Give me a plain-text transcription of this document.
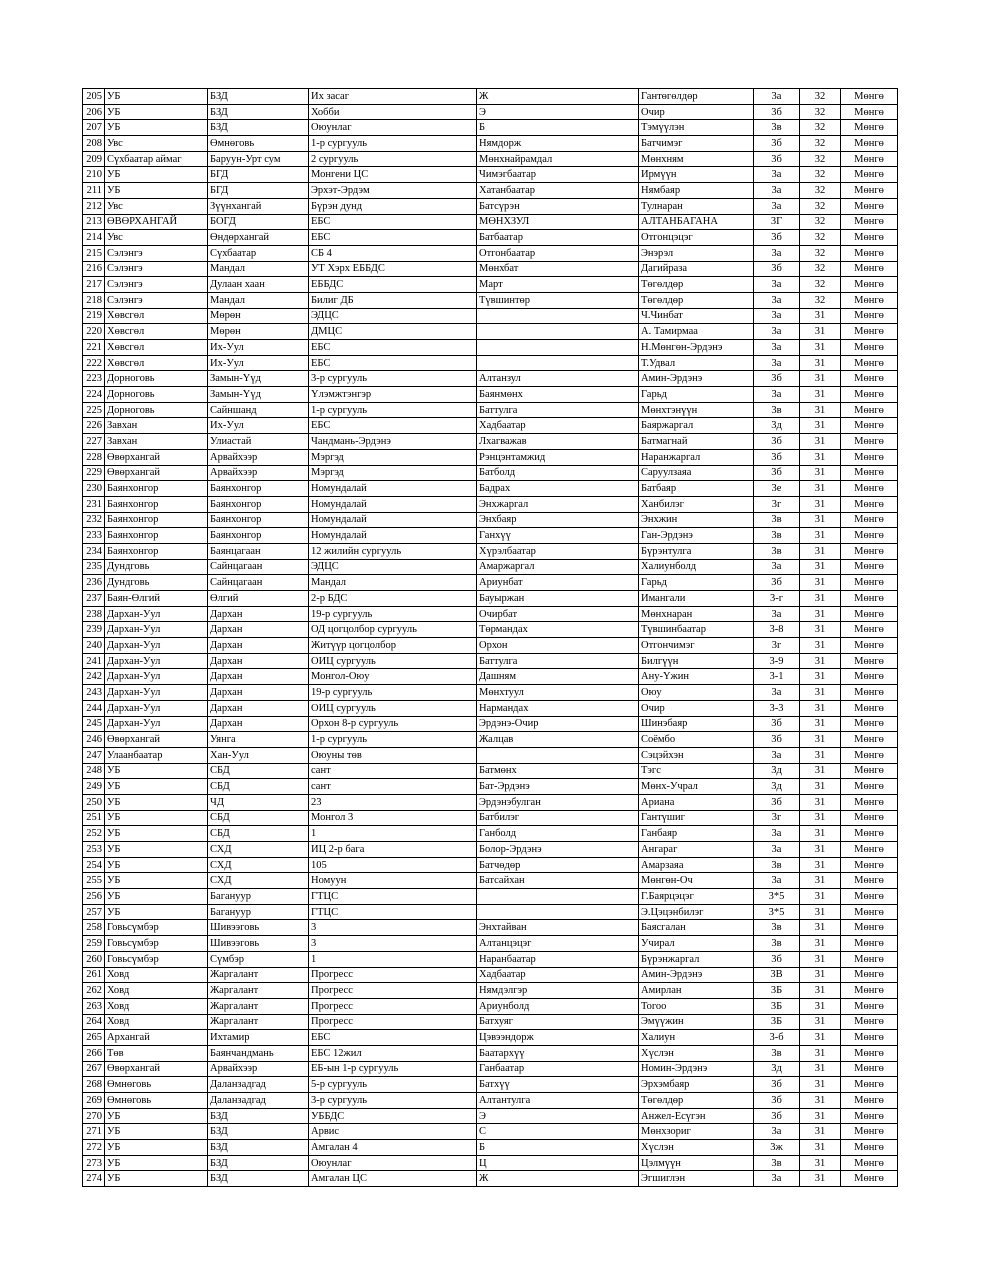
205	УБ	БЗД	Их засаг	Ж	Гантөгөлдөр	3а	32	Мөнгө
206	УБ	БЗД	Хобби	Э	Очир	3б	32	Мөнгө
207	УБ	БЗД	Оюунлаг	Б	Тэмүүлэн	3в	32	Мөнгө
208	Увс	Өмнөговь	1-р сургууль	Нямдорж	Батчимэг	3б	32	Мөнгө
209	Сүхбаатар аймаг	Баруун-Урт сум	2 сургууль	Мөнхнайрамдал	Мөнхням	3б	32	Мөнгө
210	УБ	БГД	Монгени ЦС	Чимэгбаатар	Ирмүүн	3а	32	Мөнгө
211	УБ	БГД	Эрхэт-Эрдэм	Хатанбаатар	Нямбаяр	3а	32	Мөнгө
212	Увс	Зүүнхангай	Бүрэн дунд	Батсүрэн	Тулнаран	3а	32	Мөнгө
213	ӨВӨРХАНГАЙ	БОГД	ЕБС	МӨНХЗУЛ	АЛТАНБАГАНА	3Г	32	Мөнгө
214	Увс	Өндөрхангай	ЕБС	Батбаатар	Отгонцэцэг	3б	32	Мөнгө
215	Сэлэнгэ	Сүхбаатар	СБ 4	Отгонбаатар	Энэрэл	3а	32	Мөнгө
216	Сэлэнгэ	Мандал	УТ Хэрх ЕББДС	Мөнхбат	Дагийраза	3б	32	Мөнгө
217	Сэлэнгэ	Дулаан хаан	ЕББДС	Март	Төгөлдөр	3а	32	Мөнгө
218	Сэлэнгэ	Мандал	Билиг ДБ	Түвшинтөр	Төгөлдөр	3а	32	Мөнгө
219	Хөвсгөл	Мөрөн	ЭДЦС		Ч.Чинбат	3а	31	Мөнгө
220	Хөвсгөл	Мөрөн	ДМЦС		А. Тамирмаа	3а	31	Мөнгө
221	Хөвсгөл	Их-Уул	ЕБС		Н.Мөнгөн-Эрдэнэ	3а	31	Мөнгө
222	Хөвсгөл	Их-Уул	ЕБС		Т.Удвал	3а	31	Мөнгө
223	Дорноговь	Замын-Үүд	3-р сургууль	Алтанзул	Амин-Эрдэнэ	3б	31	Мөнгө
224	Дорноговь	Замын-Үүд	Үлэмжтэнгэр	Баянмөнх	Гарьд	3а	31	Мөнгө
225	Дорноговь	Сайншанд	1-р сургууль	Баттулга	Мөнхтэнүүн	3в	31	Мөнгө
226	Завхан	Их-Уул	ЕБС	Хадбаатар	Баяржаргал	3д	31	Мөнгө
227	Завхан	Улиастай	Чандмань-Эрдэнэ	Лхагважав	Батмагнай	3б	31	Мөнгө
228	Өвөрхангай	Арвайхээр	Мэргэд	Рэнцэнтамжид	Наранжаргал	3б	31	Мөнгө
229	Өвөрхангай	Арвайхээр	Мэргэд	Батболд	Саруулзаяа	3б	31	Мөнгө
230	Баянхонгор	Баянхонгор	Номундалай	Бадрах	Батбаяр	3е	31	Мөнгө
231	Баянхонгор	Баянхонгор	Номундалай	Энхжаргал	Ханбилэг	3г	31	Мөнгө
232	Баянхонгор	Баянхонгор	Номундалай	Энхбаяр	Энхжин	3в	31	Мөнгө
233	Баянхонгор	Баянхонгор	Номундалай	Ганхүү	Ган-Эрдэнэ	3в	31	Мөнгө
234	Баянхонгор	Баянцагаан	12 жилийн сургууль	Хүрэлбаатар	Бүрэнтулга	3в	31	Мөнгө
235	Дундговь	Сайнцагаан	ЭДЦС	Амаржаргал	Халиунболд	3а	31	Мөнгө
236	Дундговь	Сайнцагаан	Мандал	Ариунбат	Гарьд	3б	31	Мөнгө
237	Баян-Өлгий	Өлгий	2-р БДС	Бауыржан	Имангали	3-г	31	Мөнгө
238	Дархан-Уул	Дархан	19-р сургууль	Очирбат	Мөнхнаран	3а	31	Мөнгө
239	Дархан-Уул	Дархан	ОД цогцолбор сургууль	Төрмандах	Түвшинбаатар	3-8	31	Мөнгө
240	Дархан-Уул	Дархан	Житүүр цогцолбор	Орхон	Отгончимэг	3г	31	Мөнгө
241	Дархан-Уул	Дархан	ОИЦ сургууль	Баттулга	Билгүүн	3-9	31	Мөнгө
242	Дархан-Уул	Дархан	Монгол-Оюу	Дашням	Ану-Үжин	3-1	31	Мөнгө
243	Дархан-Уул	Дархан	19-р сургууль	Мөнхтуул	Оюу	3а	31	Мөнгө
244	Дархан-Уул	Дархан	ОИЦ сургууль	Нармандах	Очир	3-3	31	Мөнгө
245	Дархан-Уул	Дархан	Орхон 8-р сургууль	Эрдэнэ-Очир	Шинэбаяр	3б	31	Мөнгө
246	Өвөрхангай	Уянга	1-р сургууль	Жалцав	Соёмбо	3б	31	Мөнгө
247	Улаанбаатар	Хан-Уул	Оюуны төв		Сэцэйхэн	3а	31	Мөнгө
248	УБ	СБД	сант	Батмөнх	Тэгс	3д	31	Мөнгө
249	УБ	СБД	сант	Бат-Эрдэнэ	Мөнх-Учрал	3д	31	Мөнгө
250	УБ	ЧД	23	Эрдэнэбулган	Ариана	3б	31	Мөнгө
251	УБ	СБД	Монгол 3	Батбилэг	Гантүшиг	3г	31	Мөнгө
252	УБ	СБД	1	Ганболд	Ганбаяр	3а	31	Мөнгө
253	УБ	СХД	ИЦ 2-р бага	Болор-Эрдэнэ	Ангараг	3а	31	Мөнгө
254	УБ	СХД	105	Батчөдөр	Амарзаяа	3в	31	Мөнгө
255	УБ	СХД	Номуун	Батсайхан	Мөнгөн-Оч	3а	31	Мөнгө
256	УБ	Багануур	ГТЦС		Г.Баярцэцэг	3*5	31	Мөнгө
257	УБ	Багануур	ГТЦС		Э.Цэцэнбилэг	3*5	31	Мөнгө
258	Говьсүмбэр	Шивээговь	3	Энхтайван	Баясгалан	3в	31	Мөнгө
259	Говьсүмбэр	Шивээговь	3	Алтанцэцэг	Учирал	3в	31	Мөнгө
260	Говьсүмбэр	Сүмбэр	1	Наранбаатар	Бүрэнжаргал	3б	31	Мөнгө
261	Ховд	Жаргалант	Прогресс	Хадбаатар	Амин-Эрдэнэ	3В	31	Мөнгө
262	Ховд	Жаргалант	Прогресс	Нямдэлгэр	Амирлан	3Б	31	Мөнгө
263	Ховд	Жаргалант	Прогресс	Ариунболд	Тогоо	3Б	31	Мөнгө
264	Ховд	Жаргалант	Прогресс	Батхуяг	Эмүүжин	3Б	31	Мөнгө
265	Архангай	Ихтамир	ЕБС	Цэвээндорж	Халиун	3-б	31	Мөнгө
266	Төв	Баянчандмань	ЕБС 12жил	Баатархүү	Хүслэн	3в	31	Мөнгө
267	Өвөрхангай	Арвайхээр	ЕБ-ын 1-р сургууль	Ганбаатар	Номин-Эрдэнэ	3д	31	Мөнгө
268	Өмнөговь	Даланзадгад	5-р сургууль	Батхүү	Эрхэмбаяр	3б	31	Мөнгө
269	Өмнөговь	Даланзадгад	3-р сургууль	Алтантулга	Төгөлдөр	3б	31	Мөнгө
270	УБ	БЗД	УББДС	Э	Анжел-Есүгэн	3б	31	Мөнгө
271	УБ	БЗД	Арвис	С	Мөнхзориг	3а	31	Мөнгө
272	УБ	БЗД	Амгалан 4	Б	Хүслэн	3ж	31	Мөнгө
273	УБ	БЗД	Оюунлаг	Ц	Цэлмүүн	3в	31	Мөнгө
274	УБ	БЗД	Амгалан ЦС	Ж	Эгшиглэн	3а	31	Мөнгө
